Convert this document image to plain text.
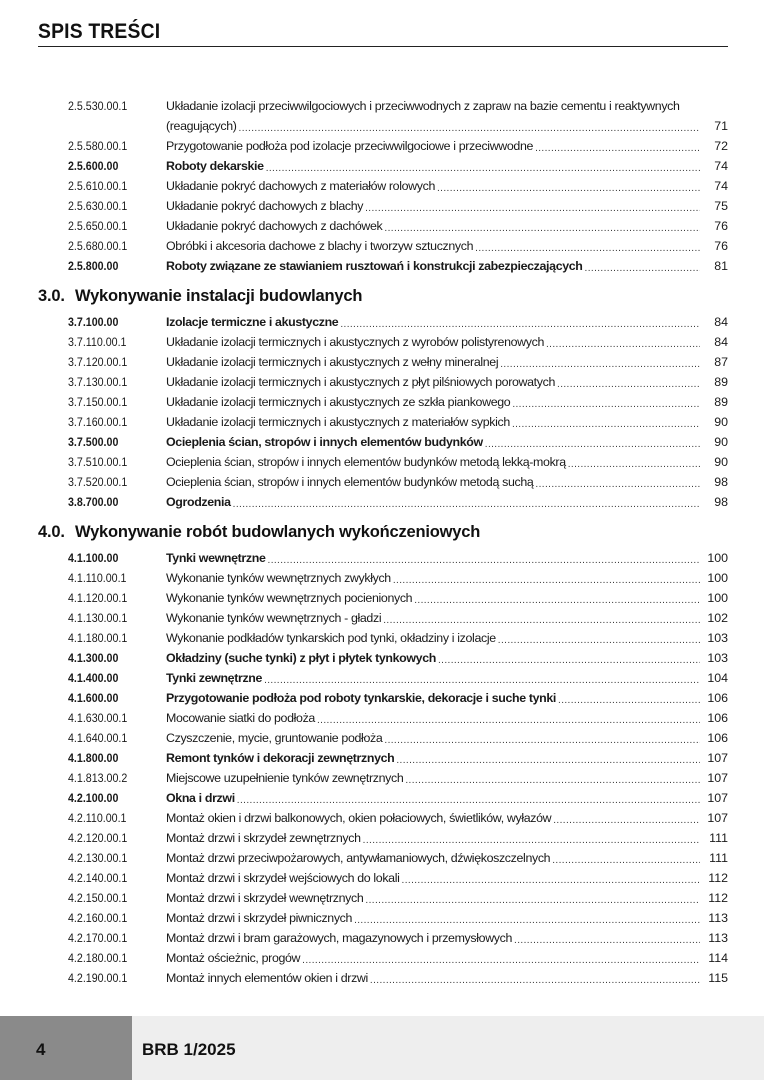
SPIS TREŚCI
2.5.530.00.1	Układanie izolacji przeciwwilgociowych i przeciwwodnych z zapraw na bazie cementu i reaktywnych
(reagujących) .....	71
2.5.580.00.1	Przygotowanie podłoża pod izolacje przeciwwilgociowe i przeciwwodne .....	72
2.5.600.00	Roboty dekarskie .....	74
2.5.610.00.1	Układanie pokryć dachowych z materiałów rolowych .....	74
2.5.630.00.1	Układanie pokryć dachowych z blachy .....	75
2.5.650.00.1	Układanie pokryć dachowych z dachówek .....	76
2.5.680.00.1	Obróbki i akcesoria dachowe z blachy i tworzyw sztucznych .....	76
2.5.800.00	Roboty związane ze stawianiem rusztowań i konstrukcji zabezpieczających .....	81
3.0. Wykonywanie instalacji budowlanych
3.7.100.00	Izolacje termiczne i akustyczne .....	84
3.7.110.00.1	Układanie izolacji termicznych i akustycznych z wyrobów polistyrenowych .....	84
3.7.120.00.1	Układanie izolacji termicznych i akustycznych z wełny mineralnej .....	87
3.7.130.00.1	Układanie izolacji termicznych i akustycznych z płyt pilśniowych porowatych .....	89
3.7.150.00.1	Układanie izolacji termicznych i akustycznych ze szkła piankowego .....	89
3.7.160.00.1	Układanie izolacji termicznych i akustycznych z materiałów sypkich .....	90
3.7.500.00	Ocieplenia ścian, stropów i innych elementów budynków .....	90
3.7.510.00.1	Ocieplenia ścian, stropów i innych elementów budynków metodą lekką-mokrą .....	90
3.7.520.00.1	Ocieplenia ścian, stropów i innych elementów budynków metodą suchą .....	98
3.8.700.00	Ogrodzenia .....	98
4.0. Wykonywanie robót budowlanych wykończeniowych
4.1.100.00	Tynki wewnętrzne .....	100
4.1.110.00.1	Wykonanie tynków wewnętrznych zwykłych .....	100
4.1.120.00.1	Wykonanie tynków wewnętrznych pocienionych .....	100
4.1.130.00.1	Wykonanie tynków wewnętrznych - gładzi .....	102
4.1.180.00.1	Wykonanie podkładów tynkarskich pod tynki, okładziny i izolacje .....	103
4.1.300.00	Okładziny (suche tynki) z płyt i płytek tynkowych .....	103
4.1.400.00	Tynki zewnętrzne .....	104
4.1.600.00	Przygotowanie podłoża pod roboty tynkarskie, dekoracje i suche tynki .....	106
4.1.630.00.1	Mocowanie siatki do podłoża .....	106
4.1.640.00.1	Czyszczenie, mycie, gruntowanie podłoża .....	106
4.1.800.00	Remont tynków i dekoracji zewnętrznych .....	107
4.1.813.00.2	Miejscowe uzupełnienie tynków zewnętrznych .....	107
4.2.100.00	Okna i drzwi .....	107
4.2.110.00.1	Montaż okien i drzwi balkonowych, okien połaciowych, świetlików, wyłazów .....	107
4.2.120.00.1	Montaż drzwi i skrzydeł zewnętrznych .....	111
4.2.130.00.1	Montaż drzwi przeciwpożarowych, antywłamaniowych, dźwiękoszczelnych .....	111
4.2.140.00.1	Montaż drzwi i skrzydeł wejściowych do lokali .....	112
4.2.150.00.1	Montaż drzwi i skrzydeł wewnętrznych .....	112
4.2.160.00.1	Montaż drzwi i skrzydeł piwnicznych .....	113
4.2.170.00.1	Montaż drzwi i bram garażowych, magazynowych i przemysłowych .....	113
4.2.180.00.1	Montaż ościeżnic, progów .....	114
4.2.190.00.1	Montaż innych elementów okien i drzwi .....	115
4	BRB 1/2025
